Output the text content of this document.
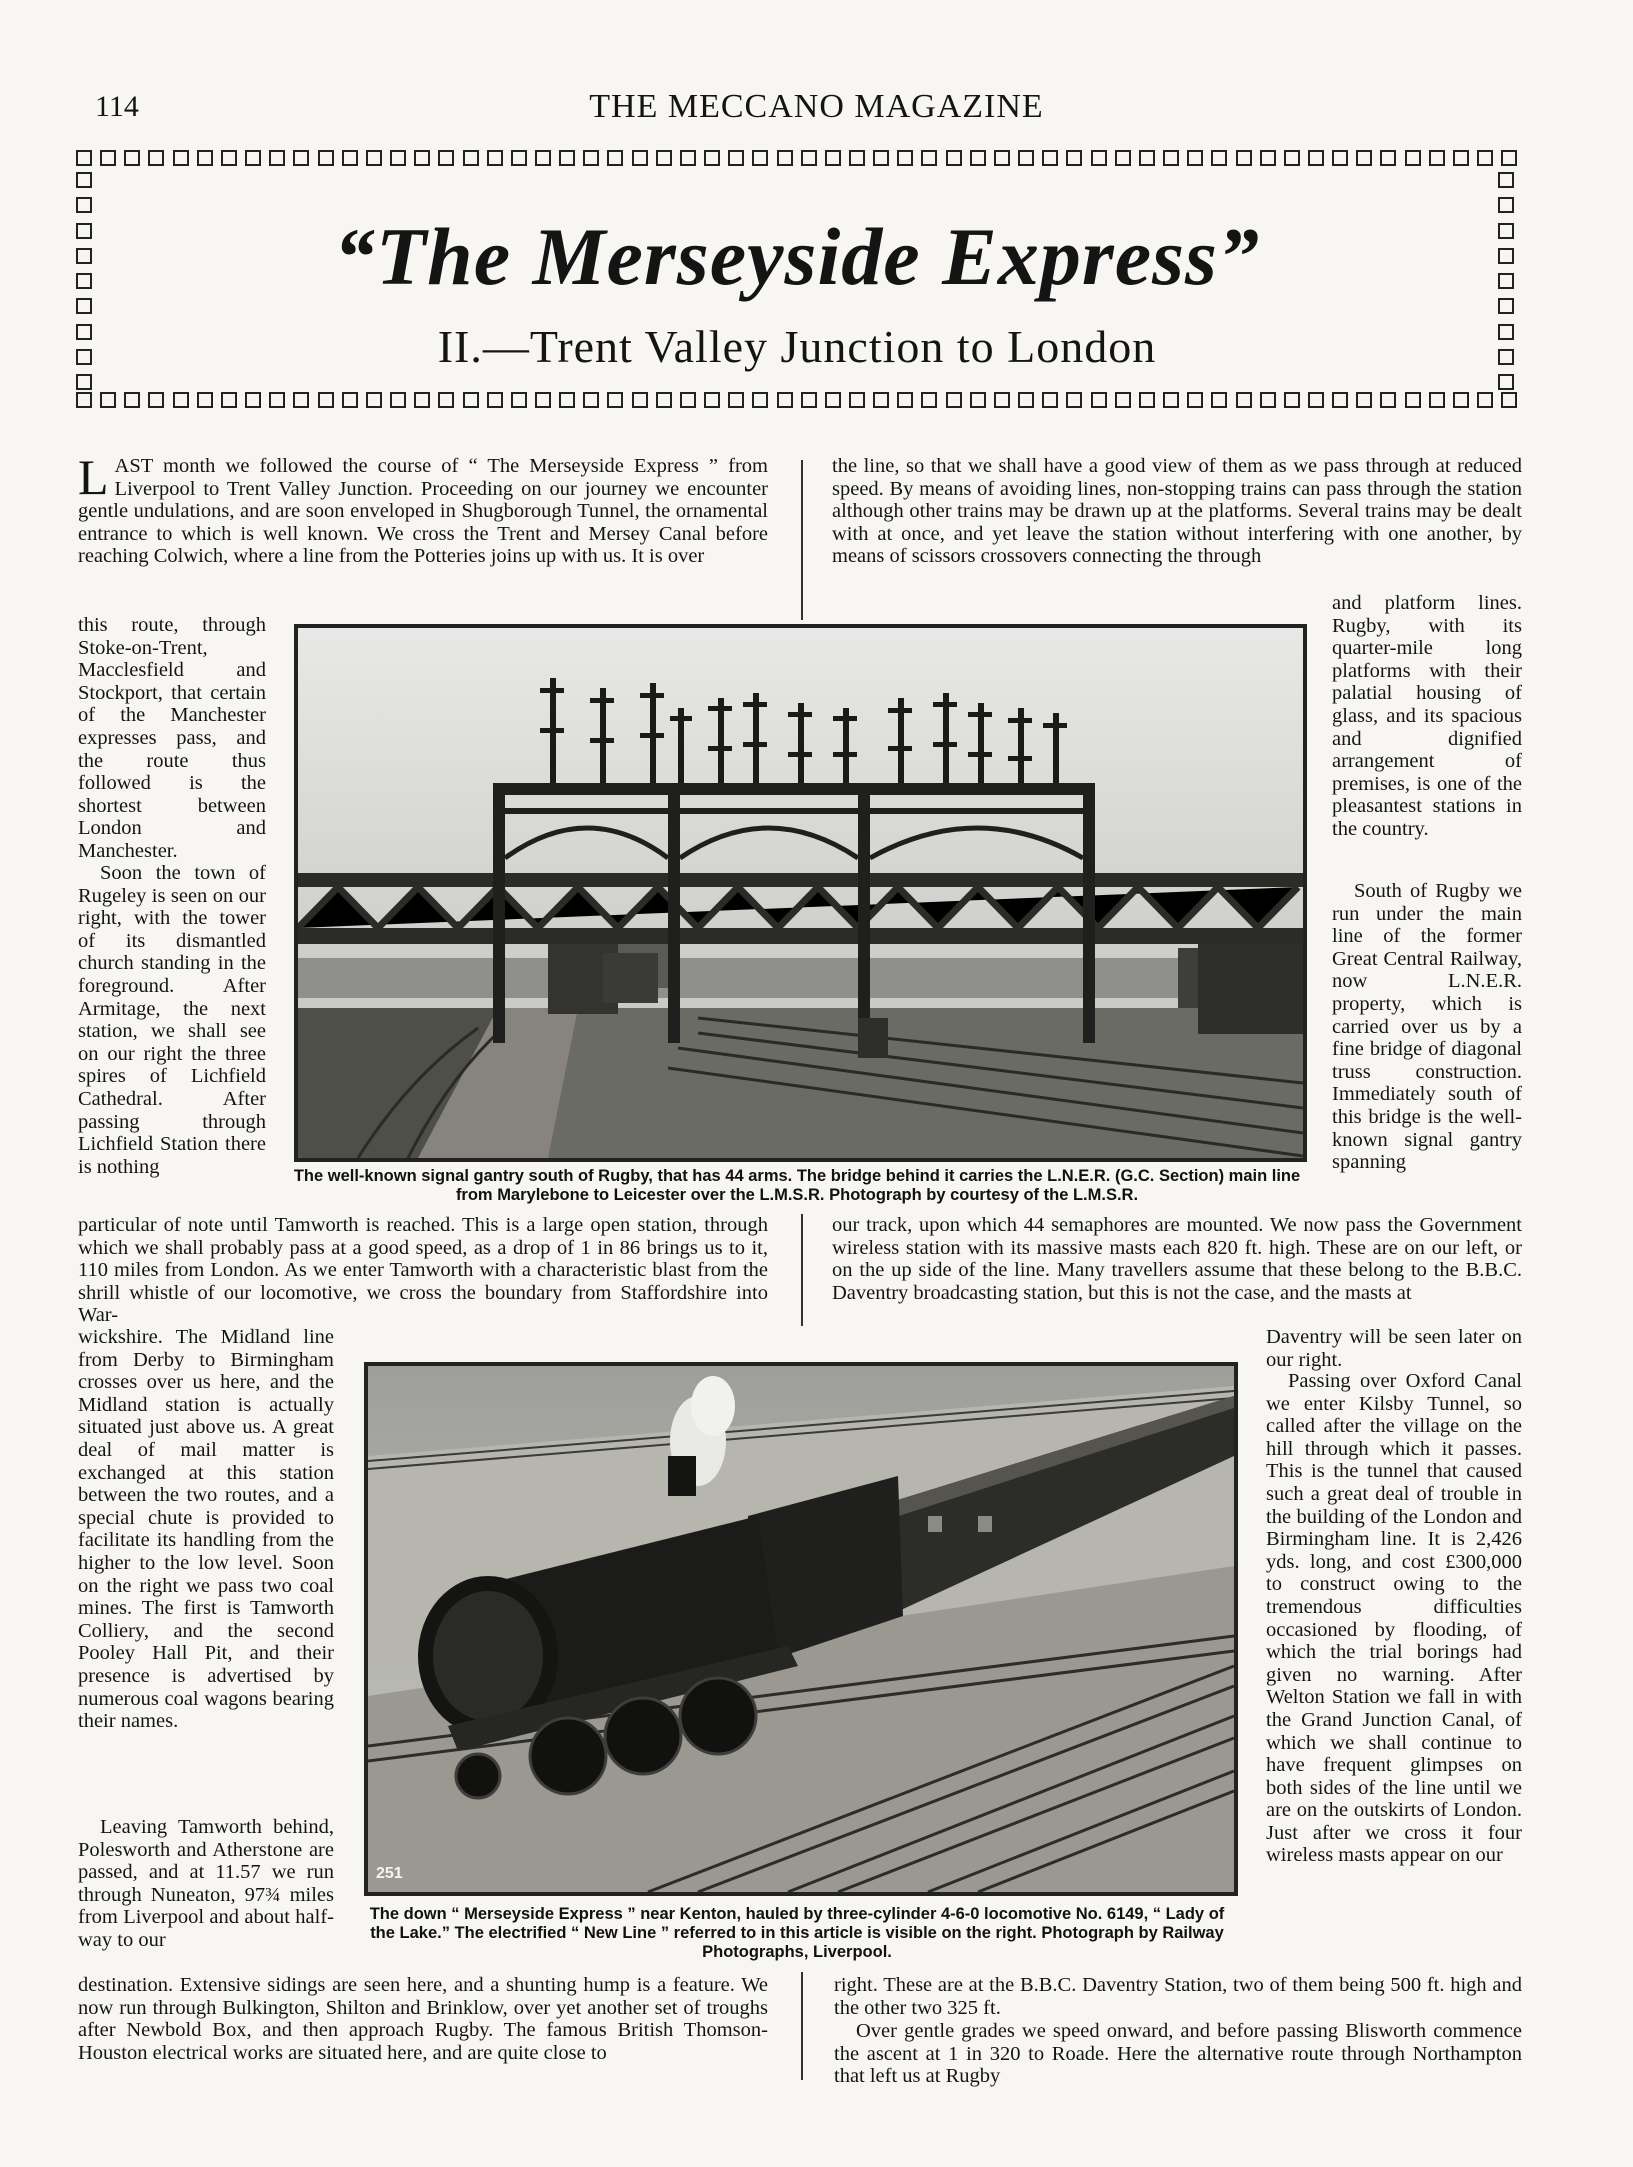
114	THE MECCANO MAGAZINE
“The Merseyside Express”
II.—Trent Valley Junction to London

LAST month we followed the course of “ The Merseyside Express ” from Liverpool to Trent Valley Junction. Proceeding on our journey we encounter gentle undulations, and are soon enveloped in Shugborough Tunnel, the ornamental entrance to which is well known. We cross the Trent and Mersey Canal before reaching Colwich, where a line from the Potteries joins up with us. It is over

this route, through Stoke-on-Trent, Macclesfield and Stockport, that certain of the Manchester expresses pass, and the route thus followed is the shortest between London and Manchester.

Soon the town of Rugeley is seen on our right, with the tower of its dismantled church standing in the foreground. After Armitage, the next station, we shall see on our right the three spires of Lichfield Cathedral. After passing through Lichfield Station there is nothing

particular of note until Tamworth is reached. This is a large open station, through which we shall probably pass at a good speed, as a drop of 1 in 86 brings us to it, 110 miles from London. As we enter Tamworth with a characteristic blast from the shrill whistle of our locomotive, we cross the boundary from Staffordshire into War-

wickshire. The Midland line from Derby to Birmingham crosses over us here, and the Midland station is actually situated just above us. A great deal of mail matter is exchanged at this station between the two routes, and a special chute is provided to facilitate its handling from the higher to the low level. Soon on the right we pass two coal mines. The first is Tamworth Colliery, and the second Pooley Hall Pit, and their presence is advertised by numerous coal wagons bearing their names.

Leaving Tamworth behind, Polesworth and Atherstone are passed, and at 11.57 we run through Nuneaton, 97¾ miles from Liverpool and about half-way to our

destination. Extensive sidings are seen here, and a shunting hump is a feature. We now run through Bulkington, Shilton and Brinklow, over yet another set of troughs after Newbold Box, and then approach Rugby. The famous British Thomson-Houston electrical works are situated here, and are quite close to

the line, so that we shall have a good view of them as we pass through at reduced speed. By means of avoiding lines, non-stopping trains can pass through the station although other trains may be drawn up at the platforms. Several trains may be dealt with at once, and yet leave the station without interfering with one another, by means of scissors crossovers connecting the through

and platform lines. Rugby, with its quarter-mile long platforms with their palatial housing of glass, and its spacious and dignified arrangement of premises, is one of the pleasantest stations in the country.

South of Rugby we run under the main line of the former Great Central Railway, now L.N.E.R. property, which is carried over us by a fine bridge of diagonal truss construction. Immediately south of this bridge is the well-known signal gantry spanning

our track, upon which 44 semaphores are mounted. We now pass the Government wireless station with its massive masts each 820 ft. high. These are on our left, or on the up side of the line. Many travellers assume that these belong to the B.B.C. Daventry broadcasting station, but this is not the case, and the masts at

Daventry will be seen later on our right.

Passing over Oxford Canal we enter Kilsby Tunnel, so called after the village on the hill through which it passes. This is the tunnel that caused such a great deal of trouble in the building of the London and Birmingham line. It is 2,426 yds. long, and cost £300,000 to construct owing to the tremendous difficulties occasioned by flooding, of which the trial borings had given no warning. After Welton Station we fall in with the Grand Junction Canal, of which we shall continue to have frequent glimpses on both sides of the line until we are on the outskirts of London. Just after we cross it four wireless masts appear on our

right. These are at the B.B.C. Daventry Station, two of them being 500 ft. high and the other two 325 ft.

Over gentle grades we speed onward, and before passing Blisworth commence the ascent at 1 in 320 to Roade. Here the alternative route through Northampton that left us at Rugby

The well-known signal gantry south of Rugby, that has 44 arms. The bridge behind it carries the L.N.E.R. (G.C. Section) main line from Marylebone to Leicester over the L.M.S.R. Photograph by courtesy of the L.M.S.R.
251
The down “ Merseyside Express ” near Kenton, hauled by three-cylinder 4-6-0 locomotive No. 6149, “ Lady of the Lake.” The electrified “ New Line ” referred to in this article is visible on the right. Photograph by Railway Photographs, Liverpool.
